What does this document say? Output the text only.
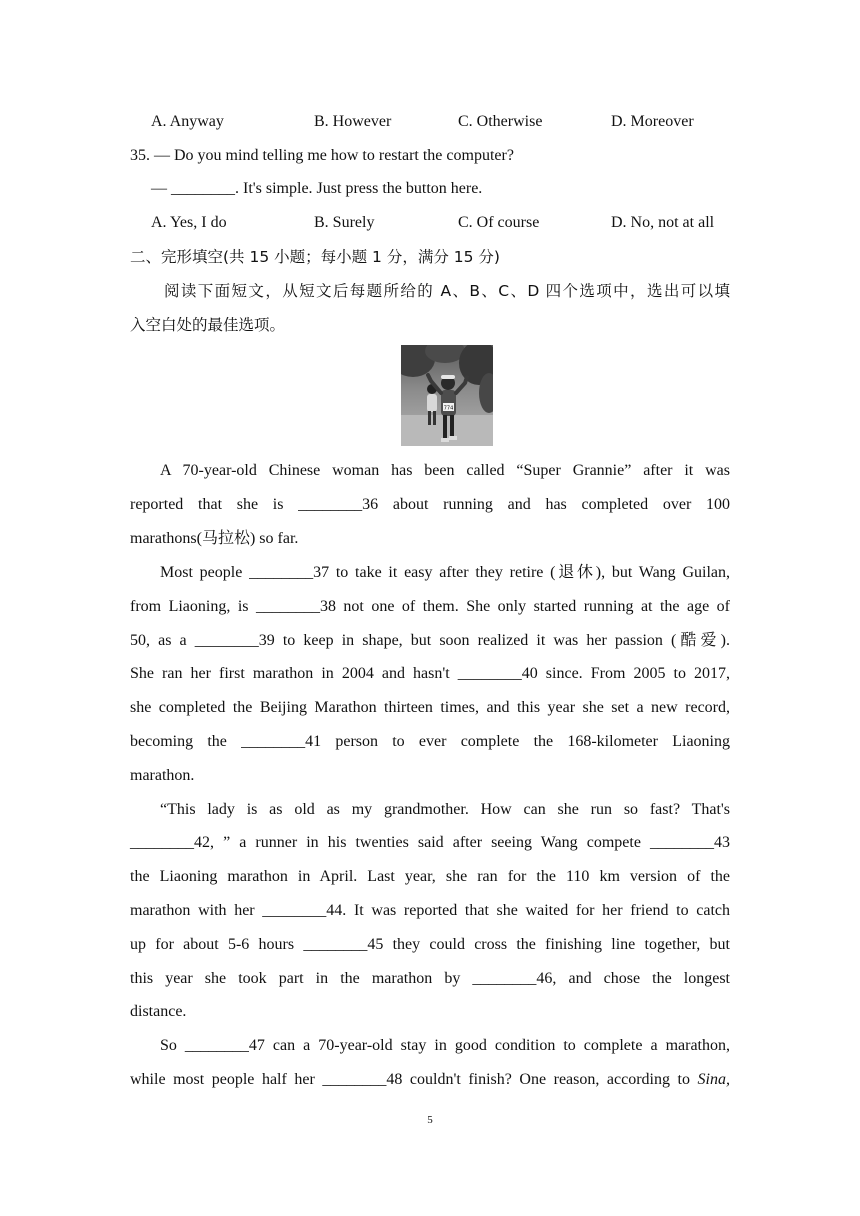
A. Anyway	B. However	C. Otherwise	D. Moreover
35. — Do you mind telling me how to restart the computer?
— ________. It's simple. Just press the button here.
A. Yes, I do	B. Surely	C. Of course	D. No, not at all
二、完形填空(共 15 小题；每小题 1 分，满分 15 分)
阅读下面短文，从短文后每题所给的 A、B、C、D 四个选项中，选出可以填
入空白处的最佳选项。
774
A 70-year-old Chinese woman has been called “Super Grannie” after it was
reported that she is ________36 about running and has completed over 100
marathons(马拉松) so far.
Most people ________37 to take it easy after they retire (退休), but Wang Guilan,
from Liaoning, is ________38 not one of them. She only started running at the age of
50, as a ________39 to keep in shape, but soon realized it was her passion (酷爱).
She ran her first marathon in 2004 and hasn't ________40 since. From 2005 to 2017,
she completed the Beijing Marathon thirteen times, and this year she set a new record,
becoming the ________41 person to ever complete the 168-kilometer Liaoning
marathon.
“This lady is as old as my grandmother. How can she run so fast? That's
________42, ” a runner in his twenties said after seeing Wang compete ________43
the Liaoning marathon in April. Last year, she ran for the 110 km version of the
marathon with her ________44. It was reported that she waited for her friend to catch
up for about 5-6 hours ________45 they could cross the finishing line together, but
this year she took part in the marathon by ________46, and chose the longest
distance.
So ________47 can a 70-year-old stay in good condition to complete a marathon,
while most people half her ________48 couldn't finish? One reason, according to Sina,
5
